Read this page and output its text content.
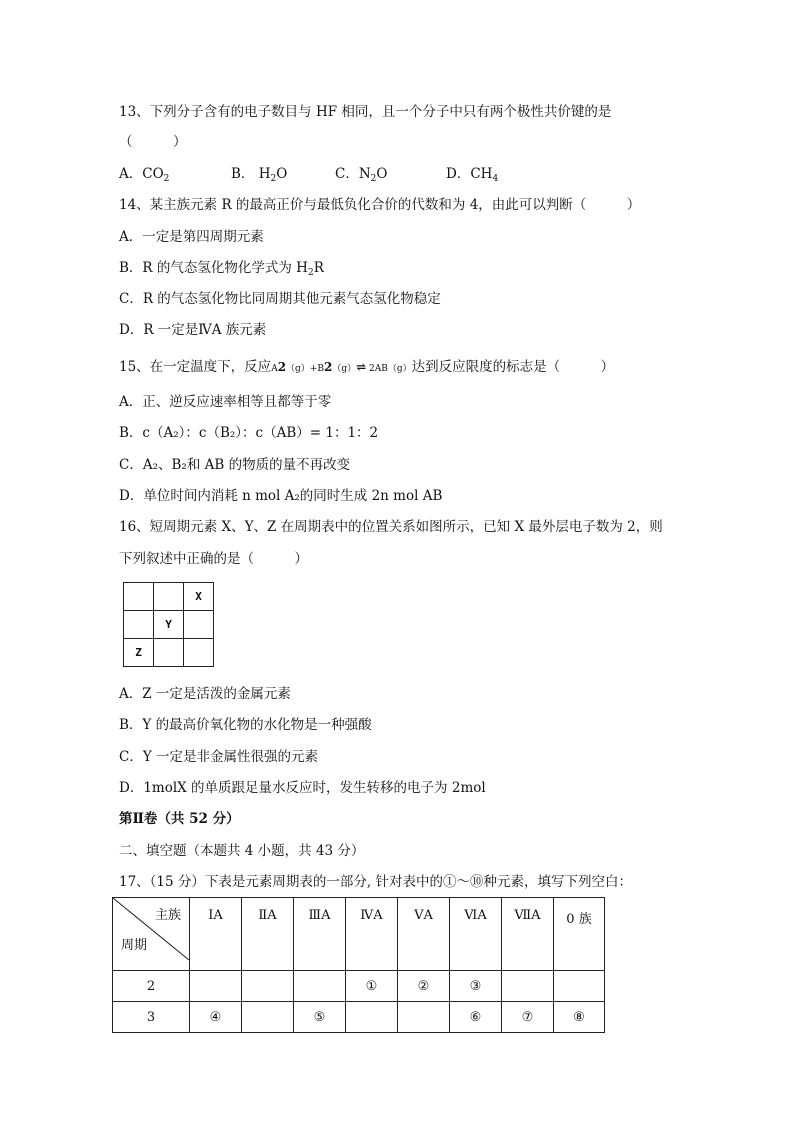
13、下列分子含有的电子数目与 HF 相同，且一个分子中只有两个极性共价键的是
（　　　）
A．$CO_2$	B． $H_2O$	C．$N_2O$	D．$CH_4$
14、某主族元素 R 的最高正价与最低负化合价的代数和为 4，由此可以判断（　　　）
A．一定是第四周期元素
B．R 的气态氢化物化学式为 $H_2R$
C．R 的气态氢化物比同周期其他元素气态氢化物稳定
D．R 一定是ⅣA 族元素
15、在一定温度下，反应A2（g）+B2（g）⇌ 2AB（g）达到反应限度的标志是（　　　）
A．正、逆反应速率相等且都等于零
B．c（A₂）：c（B₂）：c（AB）= 1：1：2
C．A₂、B₂和 AB 的物质的量不再改变
D．单位时间内消耗 n mol A₂的同时生成 2n mol AB
16、短周期元素 X、Y、Z 在周期表中的位置关系如图所示，已知 X 最外层电子数为 2，则
下列叙述中正确的是（　　　）
		X
	Y	
Z		
A．Z 一定是活泼的金属元素
B．Y 的最高价氧化物的水化物是一种强酸
C．Y 一定是非金属性很强的元素
D．1molX 的单质跟足量水反应时，发生转移的电子为 2mol
第Ⅱ卷（共 52 分）
二、填空题（本题共 4 小题，共 43 分）
17、（15 分）下表是元素周期表的一部分, 针对表中的①～⑩种元素，填写下列空白：
主族
周期	ⅠA	ⅡA	ⅢA	ⅣA	ⅤA	ⅥA	ⅦA	0 族
2				①	②	③		
3	④		⑤			⑥	⑦	⑧
